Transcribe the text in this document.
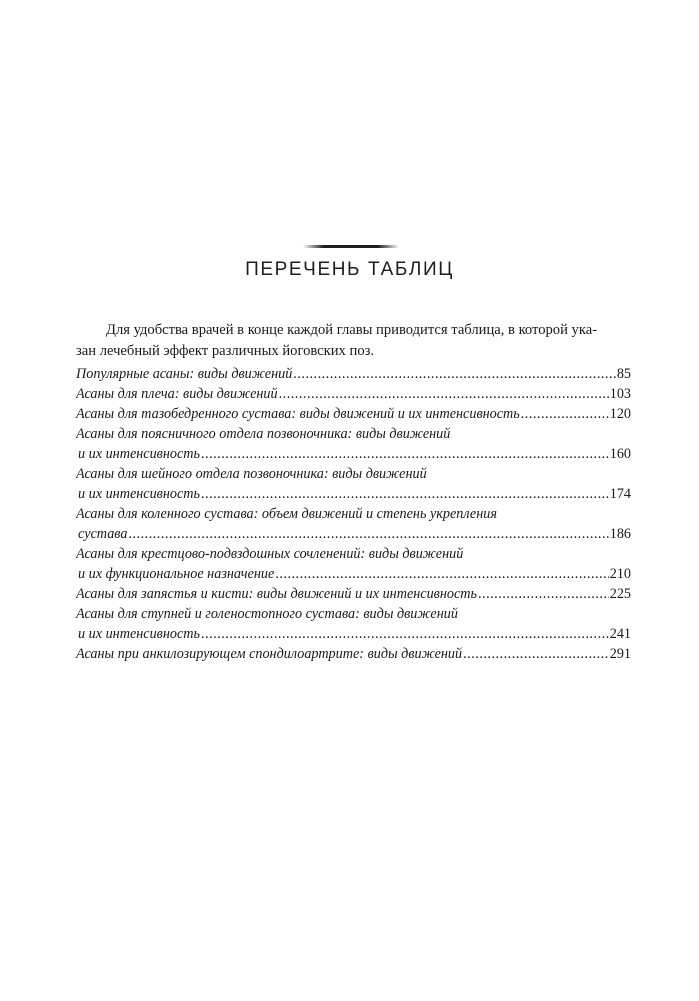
ПЕРЕЧЕНЬ ТАБЛИЦ
Для удобства врачей в конце каждой главы приводится таблица, в которой ука-
зан лечебный эффект различных йоговских поз.
Популярные асаны: виды движений .....	85
Асаны для плеча: виды движений .....	103
Асаны для тазобедренного сустава: виды движений и их интенсивность .....	120
Асаны для поясничного отдела позвоночника: виды движений
и их интенсивность .....	160
Асаны для шейного отдела позвоночника: виды движений
и их интенсивность .....	174
Асаны для коленного сустава: объем движений и степень укрепления
сустава .....	186
Асаны для крестцово-подвздошных сочленений: виды движений
и их функциональное назначение .....	210
Асаны для запястья и кисти: виды движений и их интенсивность .....	225
Асаны для ступней и голеностопного сустава: виды движений
и их интенсивность .....	241
Асаны при анкилозирующем спондилоартрите: виды движений .....	291
